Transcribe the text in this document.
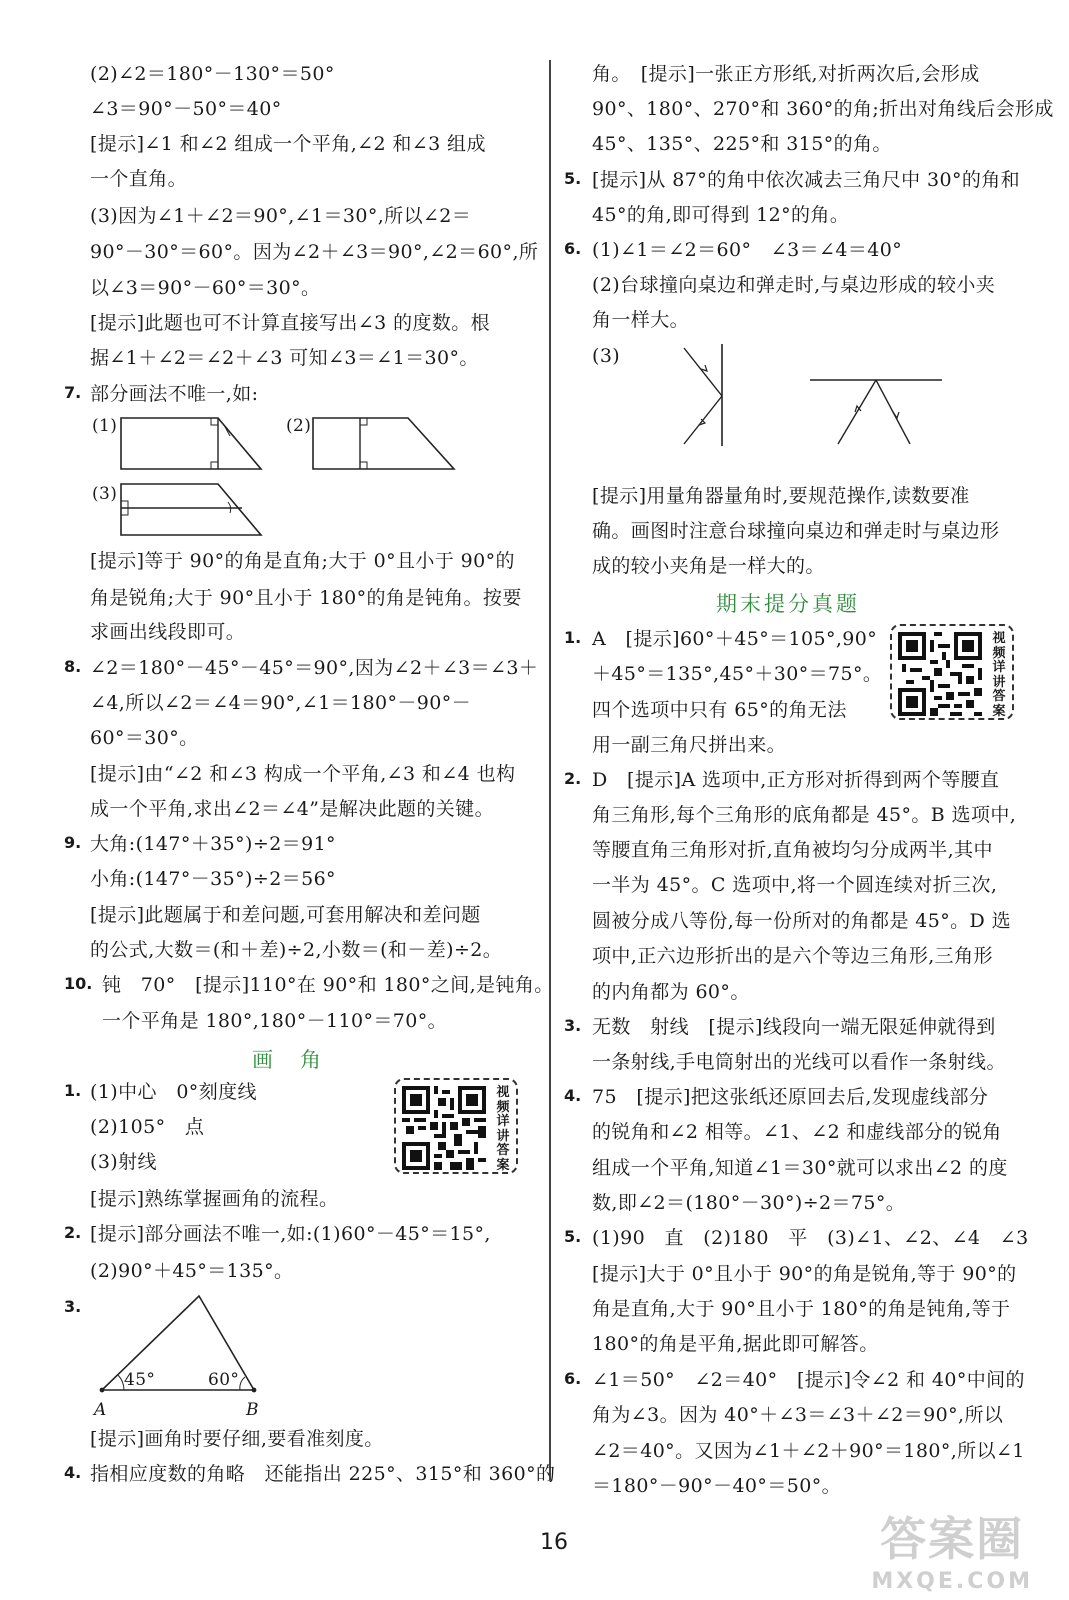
(2)∠2＝180°－130°＝50°
∠3＝90°－50°＝40°
[提示]∠1 和∠2 组成一个平角,∠2 和∠3 组成
一个直角。
(3)因为∠1＋∠2＝90°,∠1＝30°,所以∠2＝
90°－30°＝60°。因为∠2＋∠3＝90°,∠2＝60°,所
以∠3＝90°－60°＝30°。
[提示]此题也可不计算直接写出∠3 的度数。根
据∠1＋∠2＝∠2＋∠3 可知∠3＝∠1＝30°。
7. 部分画法不唯一,如:
(1)	(2)
(3)
[提示]等于 90°的角是直角;大于 0°且小于 90°的
角是锐角;大于 90°且小于 180°的角是钝角。按要
求画出线段即可。
8. ∠2＝180°－45°－45°＝90°,因为∠2＋∠3＝∠3＋
∠4,所以∠2＝∠4＝90°,∠1＝180°－90°－
60°＝30°。
[提示]由“∠2 和∠3 构成一个平角,∠3 和∠4 也构
成一个平角,求出∠2＝∠4”是解决此题的关键。
9. 大角:(147°＋35°)÷2＝91°
小角:(147°－35°)÷2＝56°
[提示]此题属于和差问题,可套用解决和差问题
的公式,大数＝(和＋差)÷2,小数＝(和－差)÷2。
10. 钝　70°　[提示]110°在 90°和 180°之间,是钝角。
一个平角是 180°,180°－110°＝70°。
画　角
视频详讲答案
1. (1)中心　0°刻度线
(2)105°　点
(3)射线
[提示]熟练掌握画角的流程。
2. [提示]部分画法不唯一,如:(1)60°－45°＝15°,
(2)90°＋45°＝135°。
3.
45°	60°
A	B
[提示]画角时要仔细,要看准刻度。
4. 指相应度数的角略　还能指出 225°、315°和 360°的
角。　[提示]一张正方形纸,对折两次后,会形成
90°、180°、270°和 360°的角;折出对角线后会形成
45°、135°、225°和 315°的角。
5. [提示]从 87°的角中依次减去三角尺中 30°的角和
45°的角,即可得到 12°的角。
6. (1)∠1＝∠2＝60°　∠3＝∠4＝40°
(2)台球撞向桌边和弹走时,与桌边形成的较小夹
角一样大。
(3)
[提示]用量角器量角时,要规范操作,读数要准
确。画图时注意台球撞向桌边和弹走时与桌边形
成的较小夹角是一样大的。
期末提分真题
视频详讲答案
1. A　[提示]60°＋45°＝105°,90°
＋45°＝135°,45°＋30°＝75°。
四个选项中只有 65°的角无法
用一副三角尺拼出来。
2. D　[提示]A 选项中,正方形对折得到两个等腰直
角三角形,每个三角形的底角都是 45°。B 选项中,
等腰直角三角形对折,直角被均匀分成两半,其中
一半为 45°。C 选项中,将一个圆连续对折三次,
圆被分成八等份,每一份所对的角都是 45°。D 选
项中,正六边形折出的是六个等边三角形,三角形
的内角都为 60°。
3. 无数　射线　[提示]线段向一端无限延伸就得到
一条射线,手电筒射出的光线可以看作一条射线。
4. 75　[提示]把这张纸还原回去后,发现虚线部分
的锐角和∠2 相等。∠1、∠2 和虚线部分的锐角
组成一个平角,知道∠1＝30°就可以求出∠2 的度
数,即∠2＝(180°－30°)÷2＝75°。
5. (1)90　直　(2)180　平　(3)∠1、∠2、∠4　∠3
[提示]大于 0°且小于 90°的角是锐角,等于 90°的
角是直角,大于 90°且小于 180°的角是钝角,等于
180°的角是平角,据此即可解答。
6. ∠1＝50°　∠2＝40°　[提示]令∠2 和 40°中间的
角为∠3。因为 40°＋∠3＝∠3＋∠2＝90°,所以
∠2＝40°。又因为∠1＋∠2＋90°＝180°,所以∠1
＝180°－90°－40°＝50°。
16	答案圈
MXQE.COM
